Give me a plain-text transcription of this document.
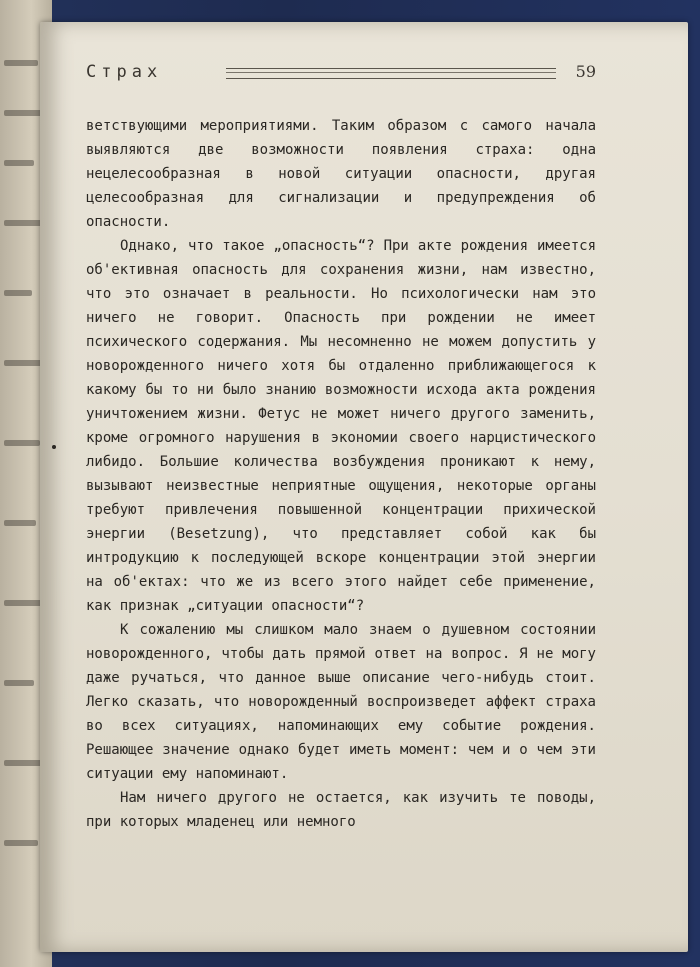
Страх	59

ветствующими мероприятиями. Таким образом с самого начала выявляются две возможности появления страха: одна нецелесообразная в новой ситуации опасности, другая целесообразная для сигнализации и предупреждения об опасности.

Однако, что такое „опасность“? При акте рождения имеется об'ективная опасность для сохранения жизни, нам известно, что это означает в реальности. Но психологически нам это ничего не говорит. Опасность при рождении не имеет психического содержания. Мы несомненно не можем допустить у новорожденного ничего хотя бы отдаленно приближающегося к какому бы то ни было знанию возможности исхода акта рождения уничтожением жизни. Фетус не может ничего другого заменить, кроме огромного нарушения в экономии своего нарцистического либидо. Большие количества возбуждения проникают к нему, вызывают неизвестные неприятные ощущения, некоторые органы требуют привлечения повышенной концентрации прихической энергии (Besetzung), что представляет собой как бы интродукцию к последующей вскоре концентрации этой энергии на об'ектах: что же из всего этого найдет себе применение, как признак „ситуации опасности“?

К сожалению мы слишком мало знаем о душевном состоянии новорожденного, чтобы дать прямой ответ на вопрос. Я не могу даже ручаться, что данное выше описание чего-нибудь стоит. Легко сказать, что новорожденный воспроизведет аффект страха во всех ситуациях, напоминающих ему событие рождения. Решающее значение однако будет иметь момент: чем и о чем эти ситуации ему напоминают.

Нам ничего другого не остается, как изучить те поводы, при которых младенец или немного
